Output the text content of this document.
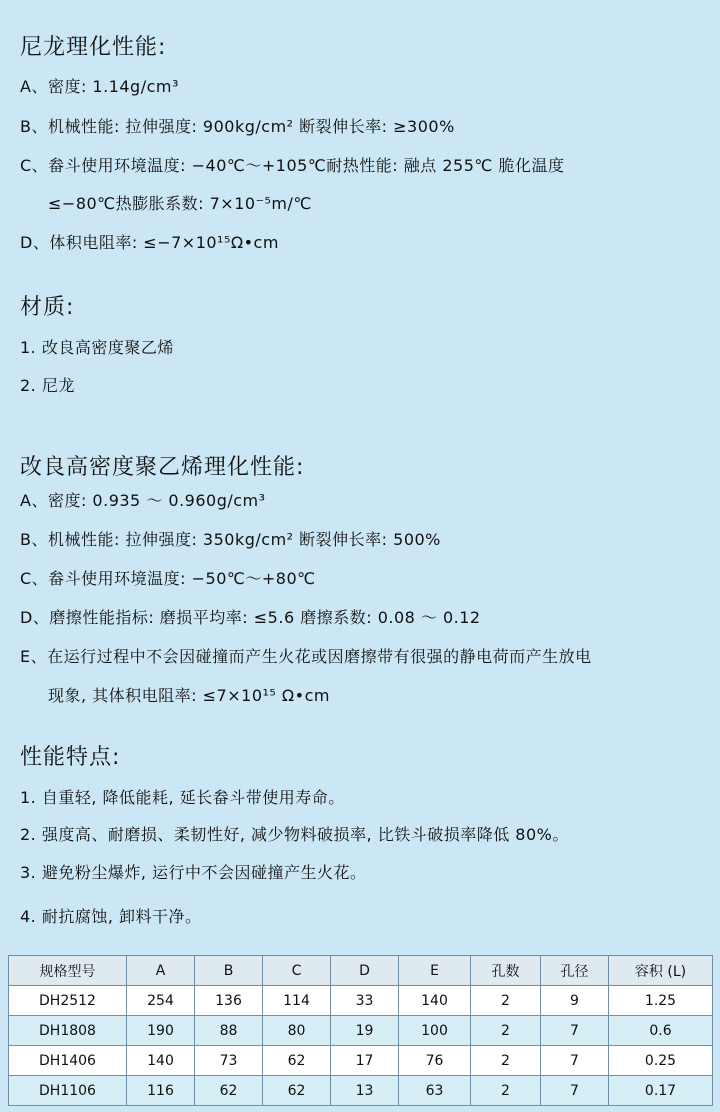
尼龙理化性能:
A、密度: 1.14g/cm³
B、机械性能: 拉伸强度: 900kg/cm² 断裂伸长率: ≥300%
C、畚斗使用环境温度: −40℃～+105℃耐热性能: 融点 255℃ 脆化温度
≤−80℃热膨胀系数: 7×10⁻⁵m/℃
D、体积电阻率: ≤−7×10¹⁵Ω•cm
材质:
1. 改良高密度聚乙烯
2. 尼龙
改良高密度聚乙烯理化性能:
A、密度: 0.935 ～ 0.960g/cm³
B、机械性能: 拉伸强度: 350kg/cm² 断裂伸长率: 500%
C、畚斗使用环境温度: −50℃～+80℃
D、磨擦性能指标: 磨损平均率: ≤5.6 磨擦系数: 0.08 ～ 0.12
E、在运行过程中不会因碰撞而产生火花或因磨擦带有很强的静电荷而产生放电
现象, 其体积电阻率: ≤7×10¹⁵ Ω•cm
性能特点:
1. 自重轻, 降低能耗, 延长畚斗带使用寿命。
2. 强度高、耐磨损、柔韧性好, 减少物料破损率, 比铁斗破损率降低 80%。
3. 避免粉尘爆炸, 运行中不会因碰撞产生火花。
4. 耐抗腐蚀, 卸料干净。
规格型号	A	B	C	D	E	孔数	孔径	容积 (L)
DH2512	254	136	114	33	140	2	9	1.25
DH1808	190	88	80	19	100	2	7	0.6
DH1406	140	73	62	17	76	2	7	0.25
DH1106	116	62	62	13	63	2	7	0.17
